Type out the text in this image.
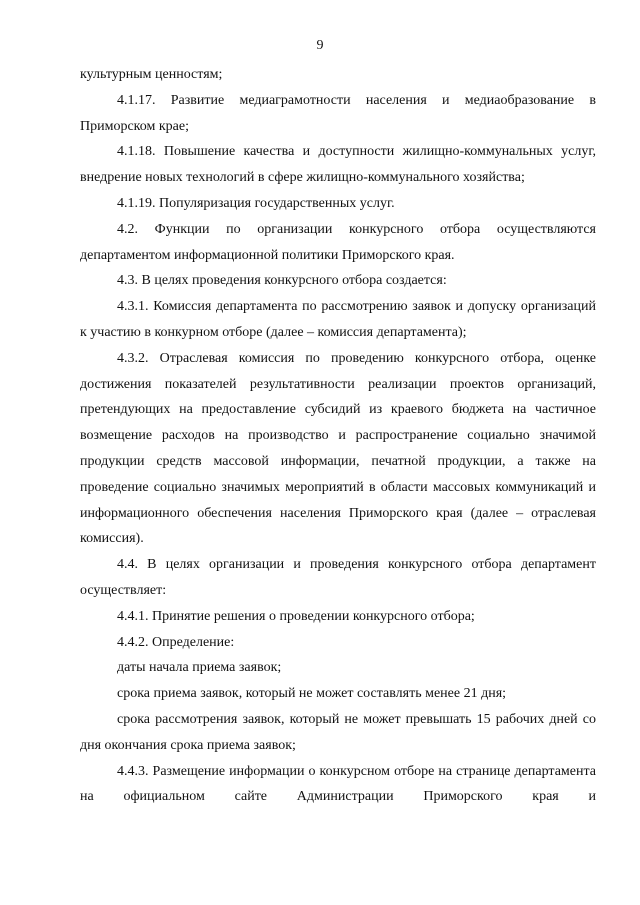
9

культурным ценностям;

4.1.17. Развитие медиаграмотности населения и медиаобразование в Приморском крае;

4.1.18. Повышение качества и доступности жилищно-коммунальных услуг, внедрение новых технологий в сфере жилищно-коммунального хозяйства;

4.1.19. Популяризация государственных услуг.

4.2. Функции по организации конкурсного отбора осуществляются департаментом информационной политики Приморского края.

4.3. В целях проведения конкурсного отбора создается:

4.3.1. Комиссия департамента по рассмотрению заявок и допуску организаций к участию в конкурном отборе (далее – комиссия департамента);

4.3.2. Отраслевая комиссия по проведению конкурсного отбора, оценке достижения показателей результативности реализации проектов организаций, претендующих на предоставление субсидий из краевого бюджета на частичное возмещение расходов на производство и распространение социально значимой продукции средств массовой информации, печатной продукции, а также на проведение социально значимых мероприятий в области массовых коммуникаций и информационного обеспечения населения Приморского края (далее – отраслевая комиссия).

4.4. В целях организации и проведения конкурсного отбора департамент осуществляет:

4.4.1. Принятие решения о проведении конкурсного отбора;

4.4.2. Определение:

даты начала приема заявок;

срока приема заявок, который не может составлять менее 21 дня;

срока рассмотрения заявок, который не может превышать 15 рабочих дней со дня окончания срока приема заявок;

4.4.3. Размещение информации о конкурсном отборе на странице департамента на официальном сайте Администрации Приморского края и
